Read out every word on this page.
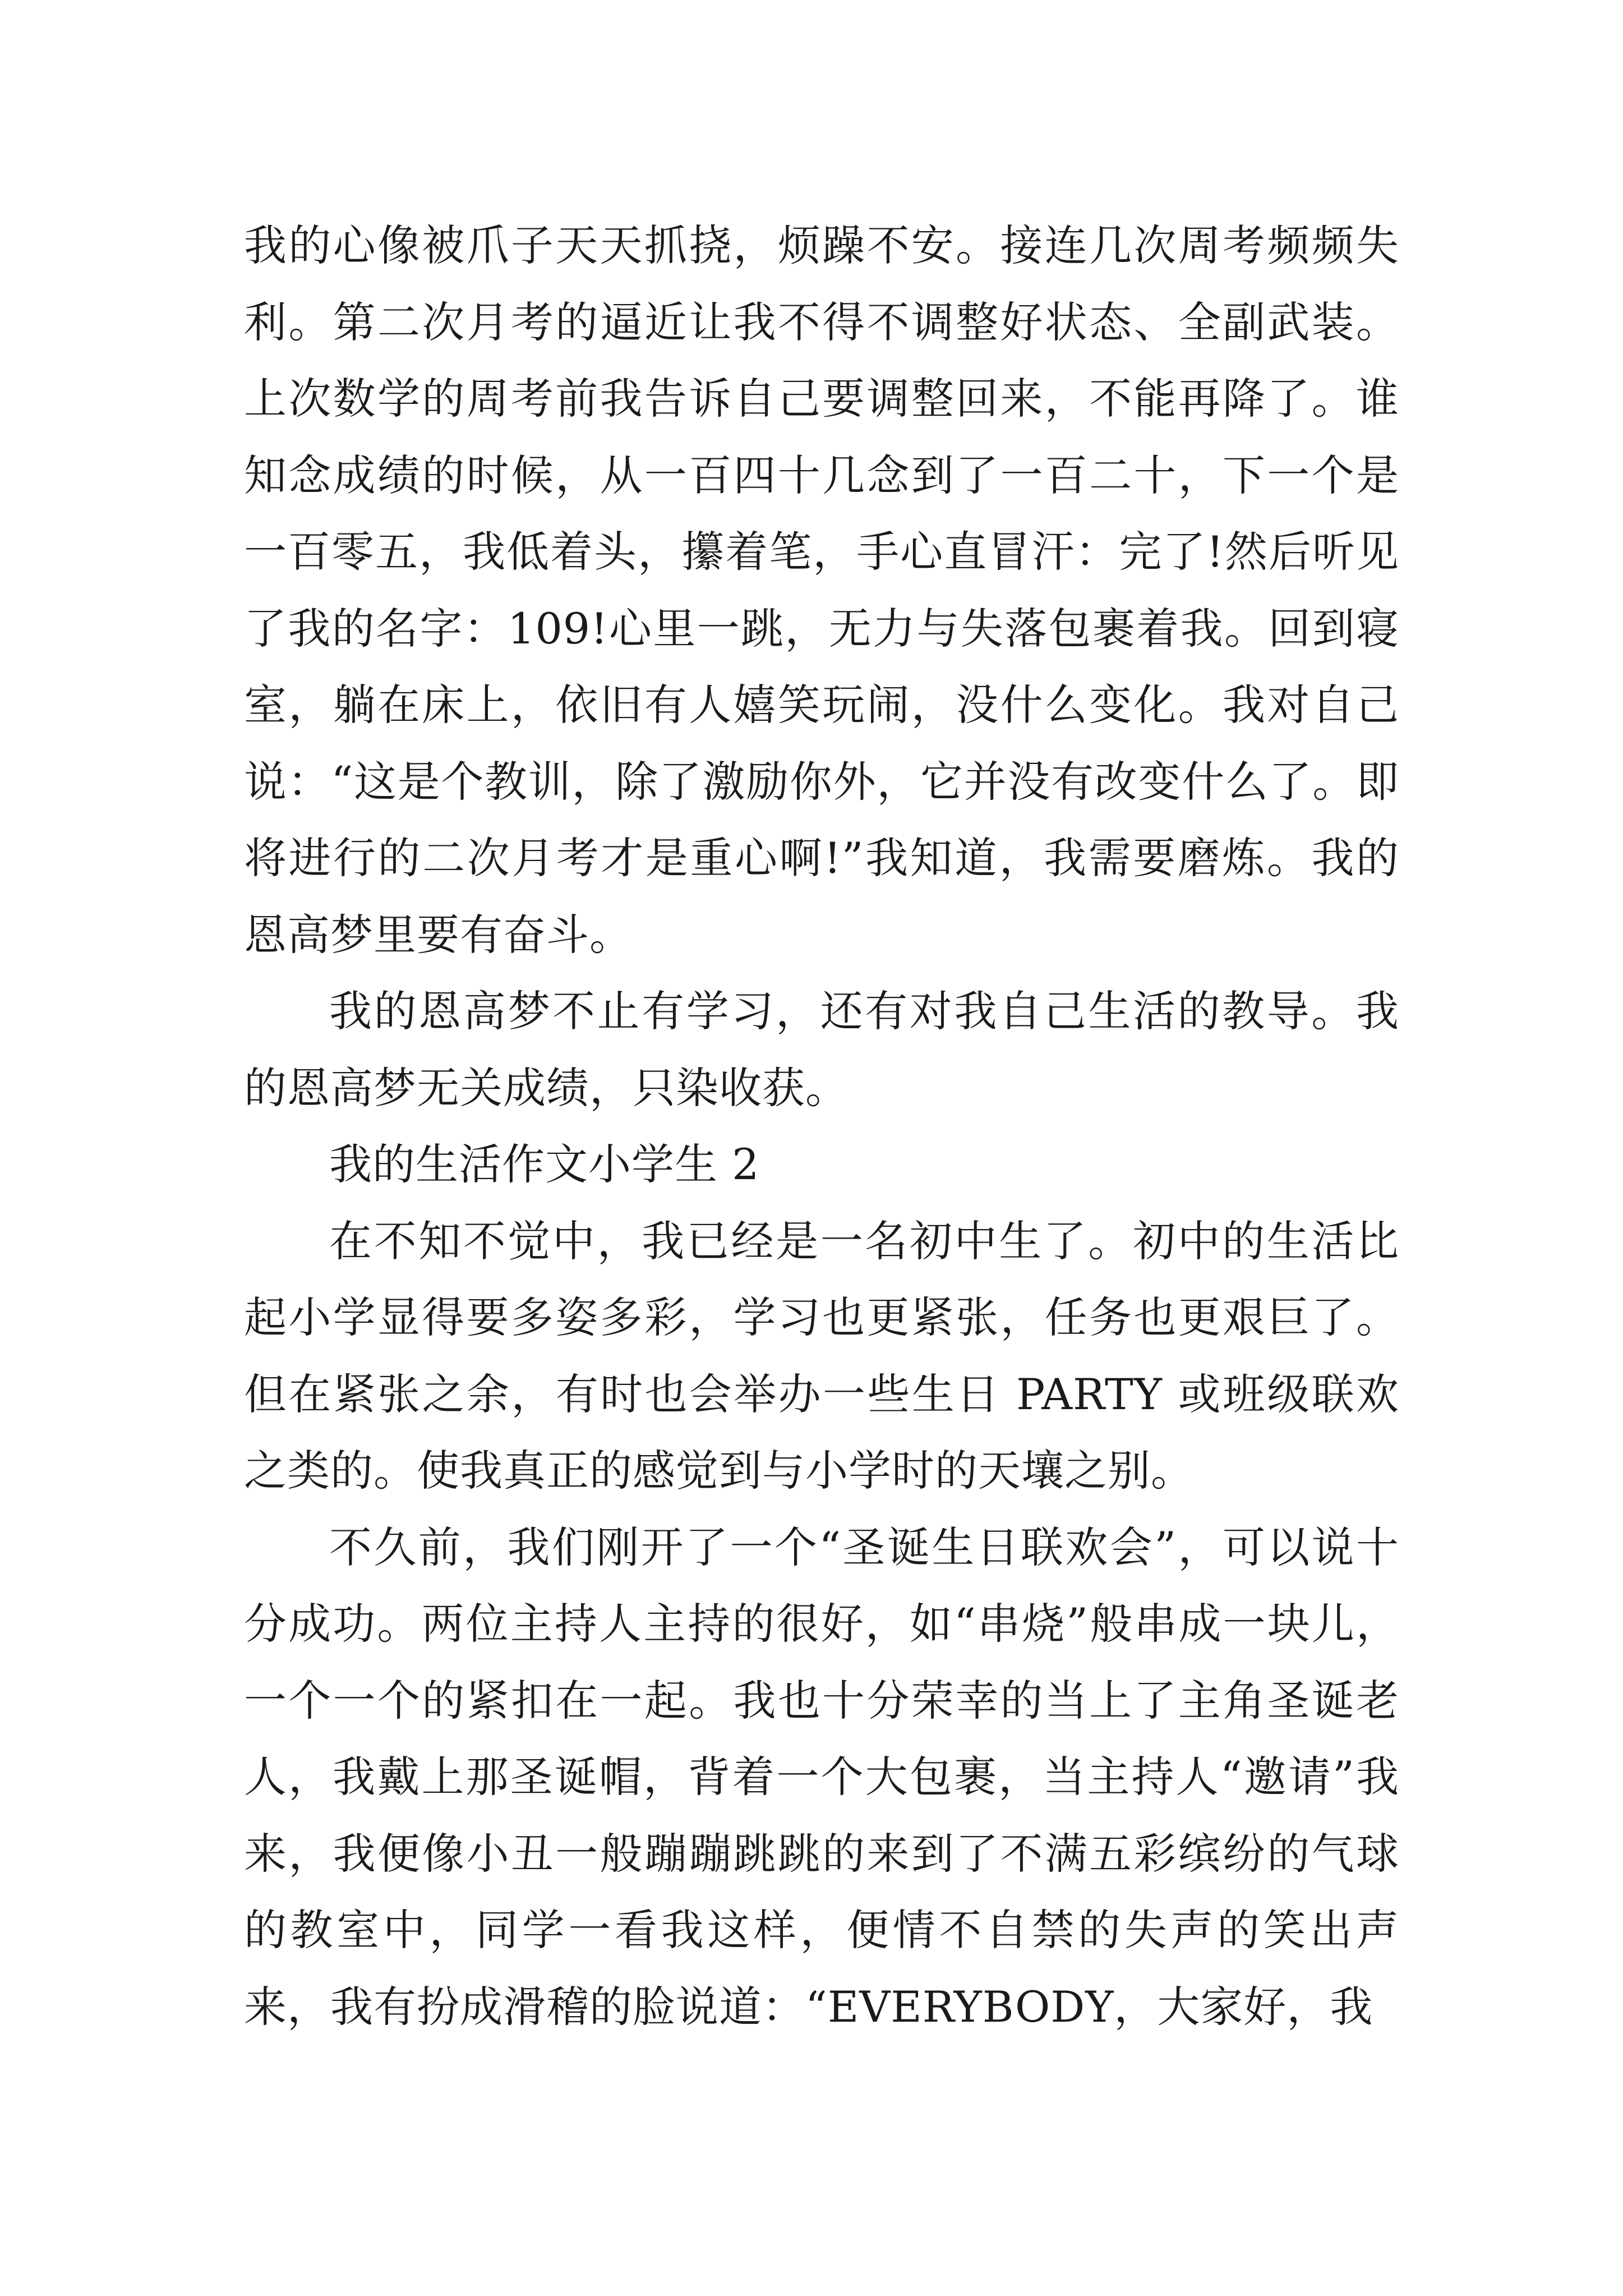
我的心像被爪子天天抓挠，烦躁不安。接连几次周考频频失利。第二次月考的逼近让我不得不调整好状态、全副武装。上次数学的周考前我告诉自己要调整回来，不能再降了。谁知念成绩的时候，从一百四十几念到了一百二十，下一个是一百零五，我低着头，攥着笔，手心直冒汗：完了!然后听见了我的名字：109!心里一跳，无力与失落包裹着我。回到寝室，躺在床上，依旧有人嬉笑玩闹，没什么变化。我对自己说：“这是个教训，除了激励你外，它并没有改变什么了。即将进行的二次月考才是重心啊!”我知道，我需要磨炼。我的恩高梦里要有奋斗。

我的恩高梦不止有学习，还有对我自己生活的教导。我的恩高梦无关成绩，只染收获。

我的生活作文小学生 2

在不知不觉中，我已经是一名初中生了。初中的生活比起小学显得要多姿多彩，学习也更紧张，任务也更艰巨了。但在紧张之余，有时也会举办一些生日 PARTY 或班级联欢之类的。使我真正的感觉到与小学时的天壤之别。

不久前，我们刚开了一个“圣诞生日联欢会”，可以说十分成功。两位主持人主持的很好，如“串烧”般串成一块儿，一个一个的紧扣在一起。我也十分荣幸的当上了主角圣诞老人，我戴上那圣诞帽，背着一个大包裹，当主持人“邀请”我来，我便像小丑一般蹦蹦跳跳的来到了不满五彩缤纷的气球的教室中，同学一看我这样，便情不自禁的失声的笑出声来，我有扮成滑稽的脸说道：“EVERYBODY，大家好，我
